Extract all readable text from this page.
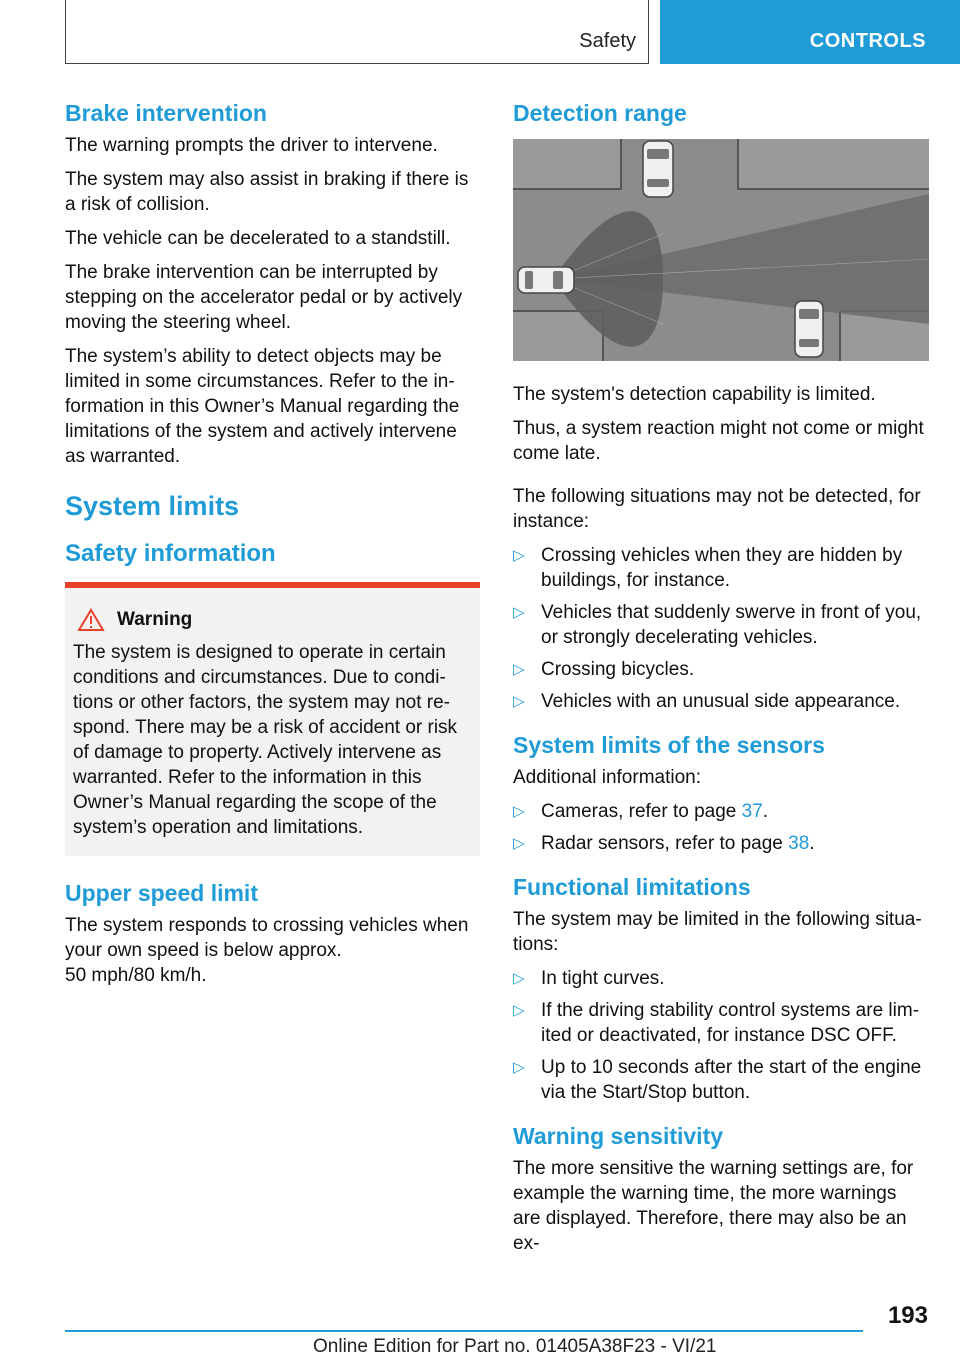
Safety	CONTROLS
Brake intervention

The warning prompts the driver to intervene.

The system may also assist in braking if there is a risk of collision.

The vehicle can be decelerated to a standstill.

The brake intervention can be interrupted by stepping on the accelerator pedal or by actively moving the steering wheel.

The system’s ability to detect objects may be limited in some circumstances. Refer to the information in this Owner’s Manual regarding the limitations of the system and actively intervene as warranted.

System limits
Safety information
Warning

The system is designed to operate in certain conditions and circumstances. Due to conditions or other factors, the system may not respond. There may be a risk of accident or risk of damage to property. Actively intervene as warranted. Refer to the information in this Owner’s Manual regarding the scope of the system’s operation and limitations.

Upper speed limit

The system responds to crossing vehicles when your own speed is below approx.

50 mph/80 km/h.

Detection range

The system's detection capability is limited.

Thus, a system reaction might not come or might come late.

The following situations may not be detected, for instance:

▷ Crossing vehicles when they are hidden by buildings, for instance.
▷ Vehicles that suddenly swerve in front of you, or strongly decelerating vehicles.
▷ Crossing bicycles.
▷ Vehicles with an unusual side appearance.
System limits of the sensors

Additional information:

▷ Cameras, refer to page 37.
▷ Radar sensors, refer to page 38.
Functional limitations

The system may be limited in the following situations:

▷ In tight curves.
▷ If the driving stability control systems are limited or deactivated, for instance DSC OFF.
▷ Up to 10 seconds after the start of the engine via the Start/Stop button.
Warning sensitivity

The more sensitive the warning settings are, for example the warning time, the more warnings are displayed. Therefore, there may also be an ex-

193
Online Edition for Part no. 01405A38F23 - VI/21
